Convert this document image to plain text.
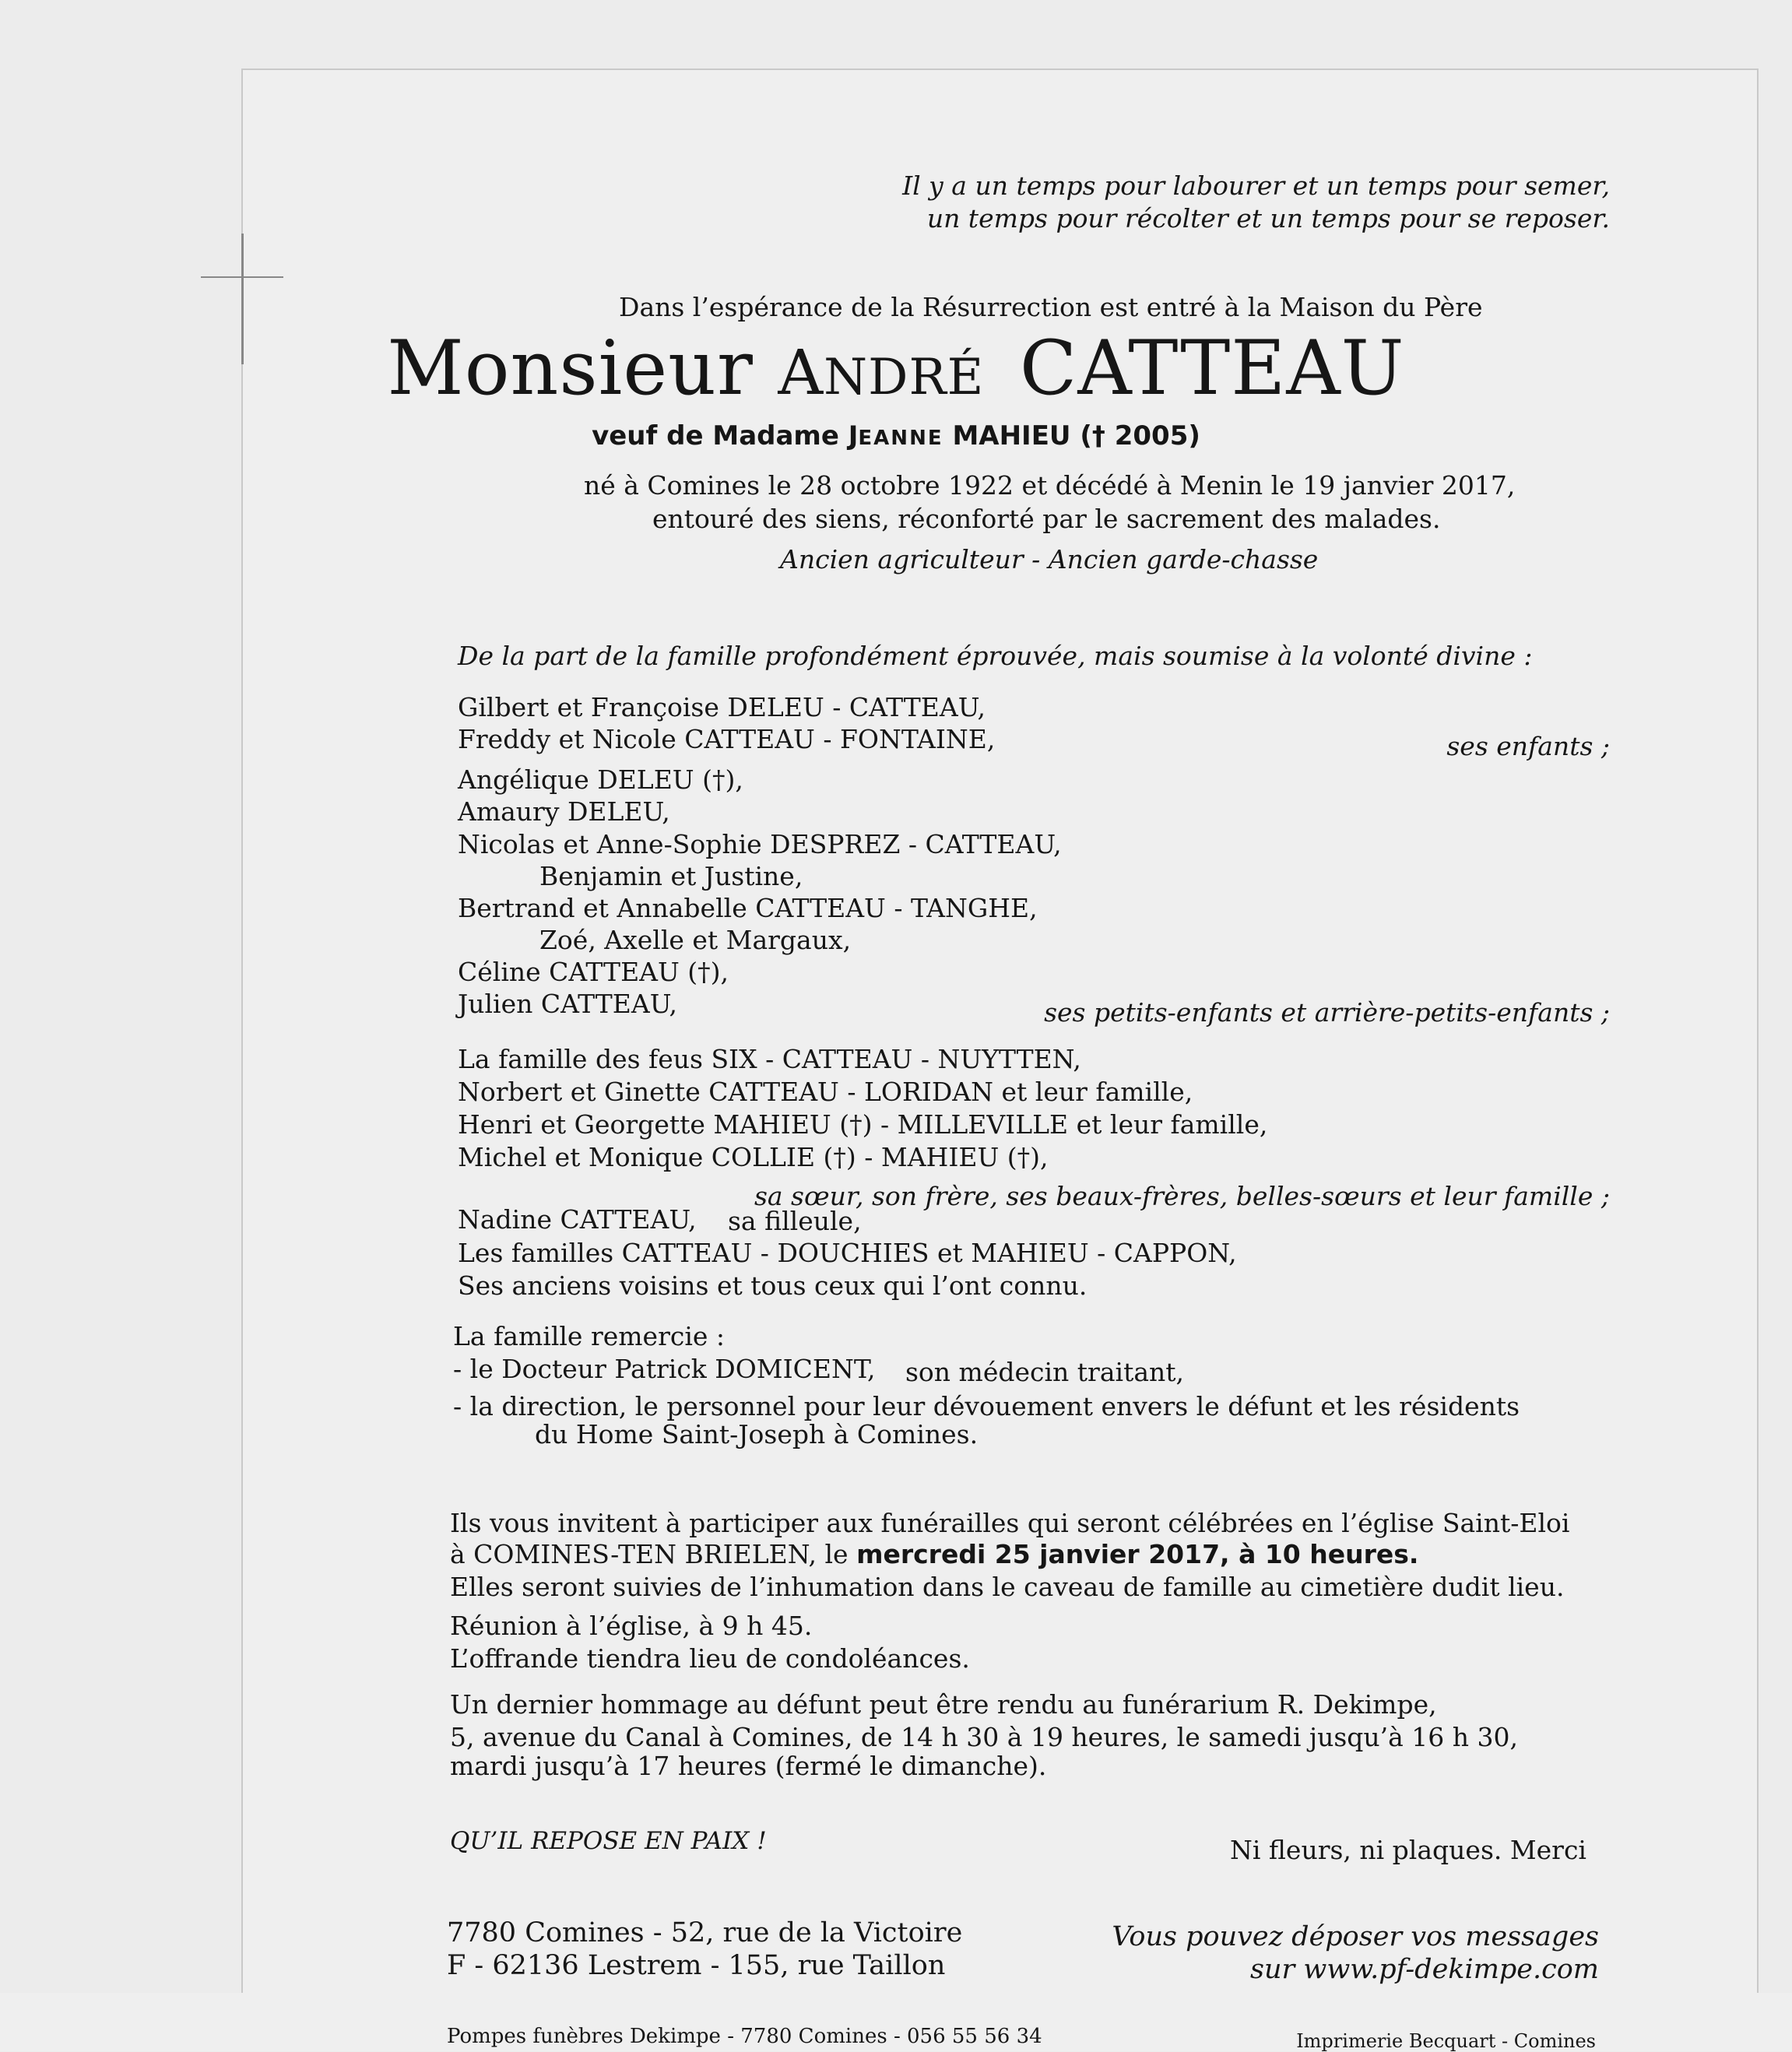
Il y a un temps pour labourer et un temps pour semer,
un temps pour récolter et un temps pour se reposer.
Dans l’espérance de la Résurrection est entré à la Maison du Père
Monsieur ANDRÉ CATTEAU
veuf de Madame JEANNE MAHIEU († 2005)
né à Comines le 28 octobre 1922 et décédé à Menin le 19 janvier 2017,
entouré des siens, réconforté par le sacrement des malades.
Ancien agriculteur - Ancien garde-chasse
De la part de la famille profondément éprouvée, mais soumise à la volonté divine :
Gilbert et Françoise DELEU - CATTEAU,
Freddy et Nicole CATTEAU - FONTAINE,	ses enfants ;
Angélique DELEU (†),
Amaury DELEU,
Nicolas et Anne-Sophie DESPREZ - CATTEAU,
Benjamin et Justine,
Bertrand et Annabelle CATTEAU - TANGHE,
Zoé, Axelle et Margaux,
Céline CATTEAU (†),
Julien CATTEAU,	ses petits-enfants et arrière-petits-enfants ;
La famille des feus SIX - CATTEAU - NUYTTEN,
Norbert et Ginette CATTEAU - LORIDAN et leur famille,
Henri et Georgette MAHIEU (†) - MILLEVILLE et leur famille,
Michel et Monique COLLIE (†) - MAHIEU (†),
sa sœur, son frère, ses beaux-frères, belles-sœurs et leur famille ;
Nadine CATTEAU, sa filleule,
Les familles CATTEAU - DOUCHIES et MAHIEU - CAPPON,
Ses anciens voisins et tous ceux qui l’ont connu.
La famille remercie :
- le Docteur Patrick DOMICENT, son médecin traitant,
- la direction, le personnel pour leur dévouement envers le défunt et les résidents
du Home Saint-Joseph à Comines.
Ils vous invitent à participer aux funérailles qui seront célébrées en l’église Saint-Eloi
à COMINES-TEN BRIELEN, le mercredi 25 janvier 2017, à 10 heures.
Elles seront suivies de l’inhumation dans le caveau de famille au cimetière dudit lieu.
Réunion à l’église, à 9 h 45.
L’offrande tiendra lieu de condoléances.
Un dernier hommage au défunt peut être rendu au funérarium R. Dekimpe,
5, avenue du Canal à Comines, de 14 h 30 à 19 heures, le samedi jusqu’à 16 h 30,
mardi jusqu’à 17 heures (fermé le dimanche).
QU’IL REPOSE EN PAIX !	Ni fleurs, ni plaques. Merci
7780 Comines - 52, rue de la Victoire
F - 62136 Lestrem - 155, rue Taillon
Vous pouvez déposer vos messages
sur www.pf-dekimpe.com
Pompes funèbres Dekimpe - 7780 Comines - 056 55 56 34	Imprimerie Becquart - Comines
